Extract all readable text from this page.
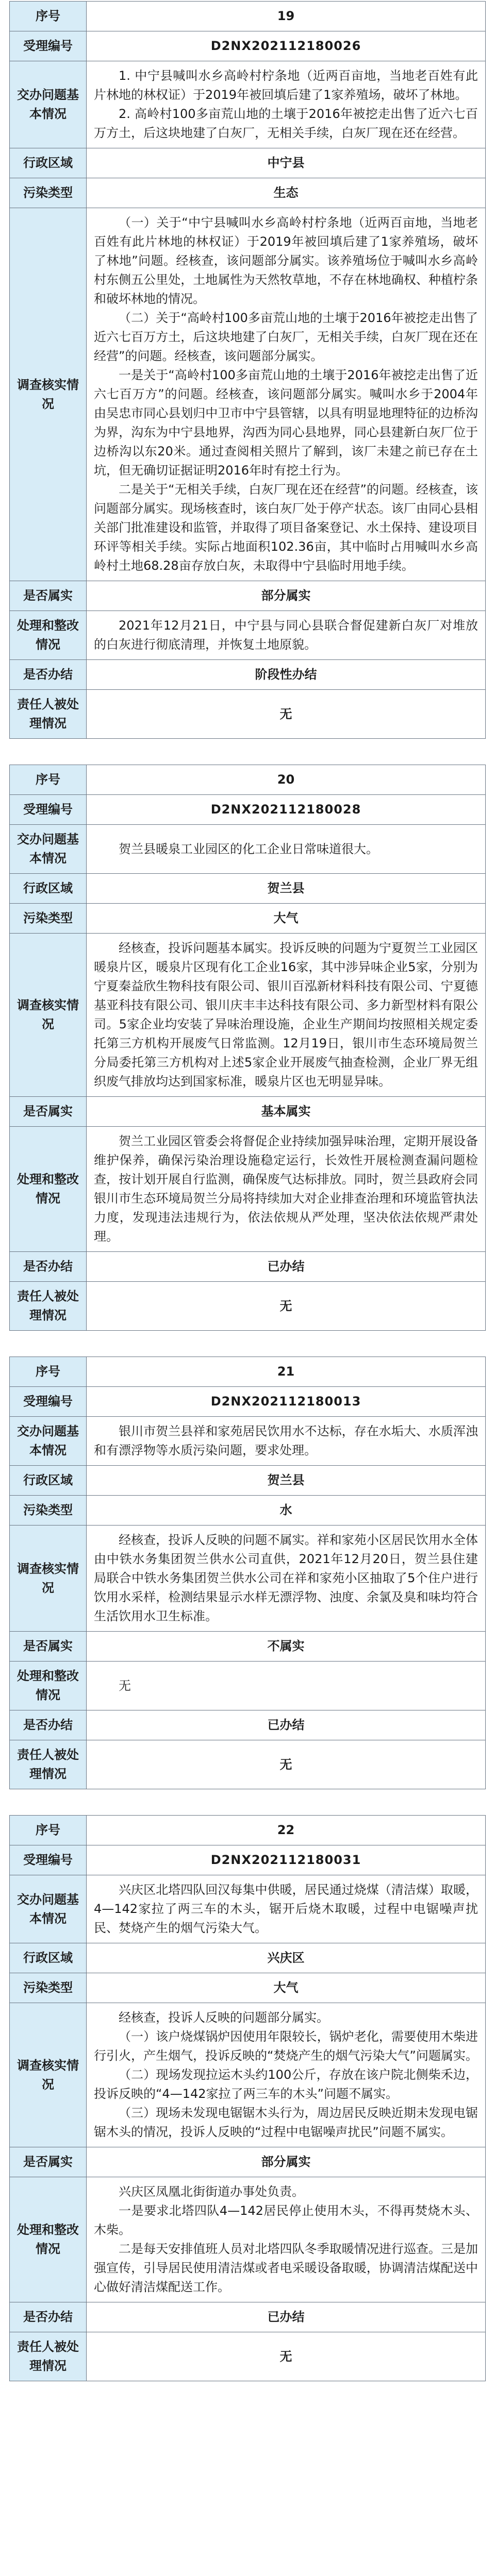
序号	19
受理编号	D2NX202112180026
交办问题基本情况	1. 中宁县喊叫水乡高岭村柠条地（近两百亩地，当地老百姓有此片林地的林权证）于2019年被回填后建了1家养殖场，破坏了林地。

2. 高岭村100多亩荒山地的土壤于2016年被挖走出售了近六七百万方土，后这块地建了白灰厂，无相关手续，白灰厂现在还在经营。

行政区域	中宁县
污染类型	生态
调查核实情况	（一）关于“中宁县喊叫水乡高岭村柠条地（近两百亩地，当地老百姓有此片林地的林权证）于2019年被回填后建了1家养殖场，破坏了林地”问题。经核查，该问题部分属实。该养殖场位于喊叫水乡高岭村东侧五公里处，土地属性为天然牧草地，不存在林地确权、种植柠条和破坏林地的情况。

（二）关于“高岭村100多亩荒山地的土壤于2016年被挖走出售了近六七百万方土，后这块地建了白灰厂，无相关手续，白灰厂现在还在经营”的问题。经核查，该问题部分属实。

一是关于“高岭村100多亩荒山地的土壤于2016年被挖走出售了近六七百万方”的问题。经核查，该问题部分属实。喊叫水乡于2004年由吴忠市同心县划归中卫市中宁县管辖，以具有明显地理特征的边桥沟为界，沟东为中宁县地界，沟西为同心县地界，同心县建新白灰厂位于边桥沟以东20米。通过查阅相关照片了解到，该厂未建之前已存在土坑，但无确切证据证明2016年时有挖土行为。

二是关于“无相关手续，白灰厂现在还在经营”的问题。经核查，该问题部分属实。现场核查时，该白灰厂处于停产状态。该厂由同心县相关部门批准建设和监管，并取得了项目备案登记、水土保持、建设项目环评等相关手续。实际占地面积102.36亩，其中临时占用喊叫水乡高岭村土地68.28亩存放白灰，未取得中宁县临时用地手续。

是否属实	部分属实
处理和整改情况	2021年12月21日，中宁县与同心县联合督促建新白灰厂对堆放的白灰进行彻底清理，并恢复土地原貌。

是否办结	阶段性办结
责任人被处理情况	无
序号	20
受理编号	D2NX202112180028
交办问题基本情况	贺兰县暖泉工业园区的化工企业日常味道很大。

行政区域	贺兰县
污染类型	大气
调查核实情况	经核查，投诉问题基本属实。投诉反映的问题为宁夏贺兰工业园区暖泉片区，暖泉片区现有化工企业16家，其中涉异味企业5家，分别为宁夏秦益欣生物科技有限公司、银川百泓新材料科技有限公司、宁夏德基亚科技有限公司、银川庆丰丰达科技有限公司、多力新型材料有限公司。5家企业均安装了异味治理设施，企业生产期间均按照相关规定委托第三方机构开展废气日常监测。12月19日，银川市生态环境局贺兰分局委托第三方机构对上述5家企业开展废气抽查检测，企业厂界无组织废气排放均达到国家标准，暖泉片区也无明显异味。

是否属实	基本属实
处理和整改情况	贺兰工业园区管委会将督促企业持续加强异味治理，定期开展设备维护保养，确保污染治理设施稳定运行，长效性开展检测查漏问题检查，按计划开展自行监测，确保废气达标排放。同时，贺兰县政府会同银川市生态环境局贺兰分局将持续加大对企业排查治理和环境监管执法力度，发现违法违规行为，依法依规从严处理，坚决依法依规严肃处理。

是否办结	已办结
责任人被处理情况	无
序号	21
受理编号	D2NX202112180013
交办问题基本情况	银川市贺兰县祥和家苑居民饮用水不达标，存在水垢大、水质浑浊和有漂浮物等水质污染问题，要求处理。

行政区域	贺兰县
污染类型	水
调查核实情况	经核查，投诉人反映的问题不属实。祥和家苑小区居民饮用水全体由中铁水务集团贺兰供水公司直供，2021年12月20日，贺兰县住建局联合中铁水务集团贺兰供水公司在祥和家苑小区抽取了5个住户进行饮用水采样，检测结果显示水样无漂浮物、浊度、余氯及臭和味均符合生活饮用水卫生标准。

是否属实	不属实
处理和整改情况	无

是否办结	已办结
责任人被处理情况	无
序号	22
受理编号	D2NX202112180031
交办问题基本情况	兴庆区北塔四队回汉每集中供暖，居民通过烧煤（清洁煤）取暖，4—142家拉了两三车的木头，锯开后烧木取暖，过程中电锯噪声扰民、焚烧产生的烟气污染大气。

行政区域	兴庆区
污染类型	大气
调查核实情况	经核查，投诉人反映的问题部分属实。

（一）该户烧煤锅炉因使用年限较长，锅炉老化，需要使用木柴进行引火，产生烟气，投诉反映的“焚烧产生的烟气污染大气”问题属实。

（二）现场发现拉运木头约100公斤，存放在该户院北侧柴禾边，投诉反映的“4—142家拉了两三车的木头”问题不属实。

（三）现场未发现电锯锯木头行为，周边居民反映近期未发现电锯锯木头的情况，投诉人反映的“过程中电锯噪声扰民”问题不属实。

是否属实	部分属实
处理和整改情况	兴庆区凤凰北街街道办事处负责。

一是要求北塔四队4—142居民停止使用木头，不得再焚烧木头、木柴。

二是每天安排值班人员对北塔四队冬季取暖情况进行巡查。三是加强宣传，引导居民使用清洁煤或者电采暖设备取暖，协调清洁煤配送中心做好清洁煤配送工作。

是否办结	已办结
责任人被处理情况	无
